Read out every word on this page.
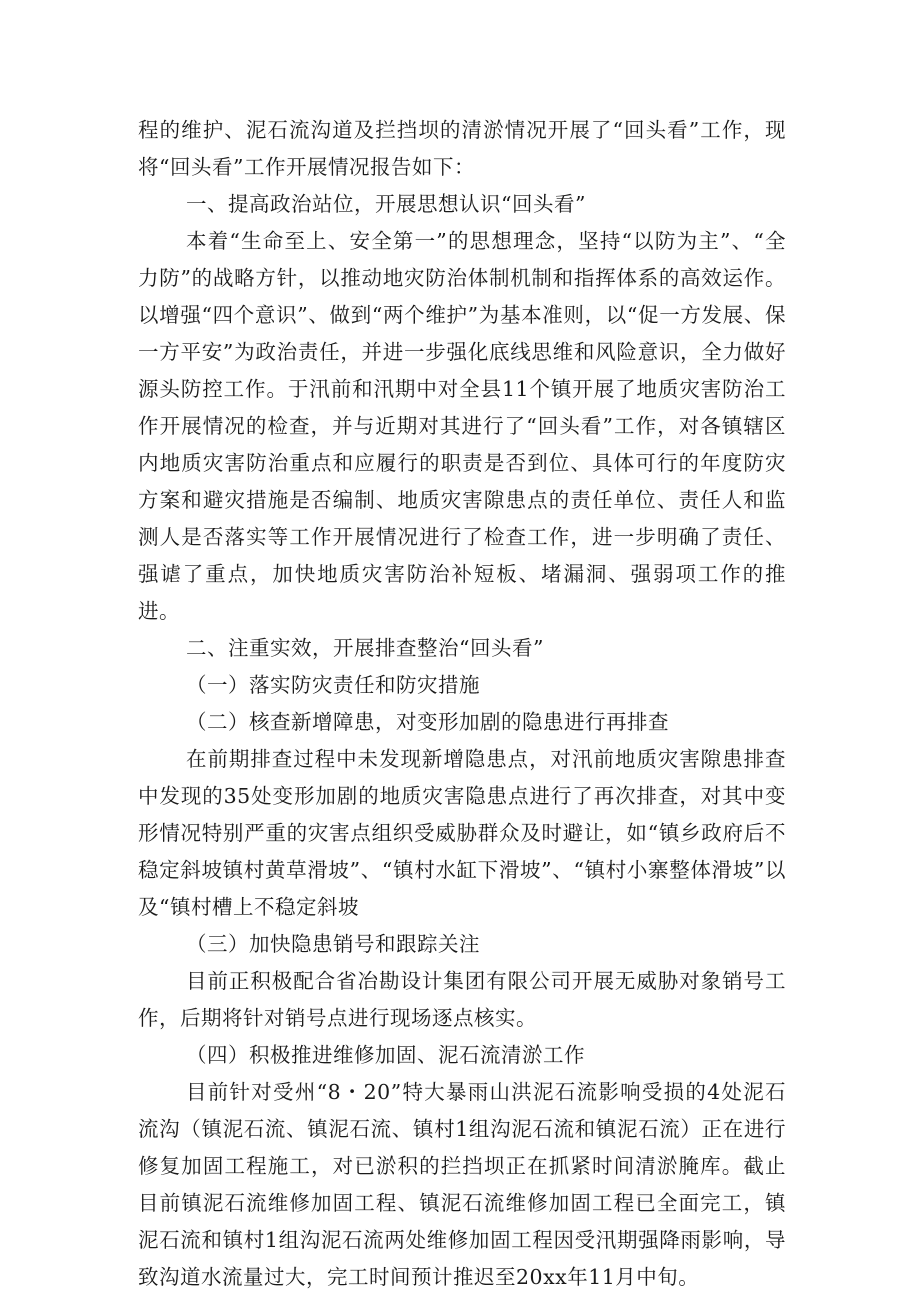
程的维护、泥石流沟道及拦挡坝的清淤情况开展了“回头看”工作，现将“回头看”工作开展情况报告如下：

一、提高政治站位，开展思想认识“回头看”

本着“生命至上、安全第一”的思想理念，坚持“以防为主”、“全力防”的战略方针，以推动地灾防治体制机制和指挥体系的高效运作。以增强“四个意识”、做到“两个维护”为基本准则，以“促一方发展、保一方平安”为政治责任，并进一步强化底线思维和风险意识，全力做好源头防控工作。于汛前和汛期中对全县11个镇开展了地质灾害防治工作开展情况的检查，并与近期对其进行了“回头看”工作，对各镇辖区内地质灾害防治重点和应履行的职责是否到位、具体可行的年度防灾方案和避灾措施是否编制、地质灾害隙患点的责任单位、责任人和监测人是否落实等工作开展情况进行了检查工作，进一步明确了责任、强谑了重点，加快地质灾害防治补短板、堵漏洞、强弱项工作的推进。

二、注重实效，开展排查整治“回头看”

（一）落实防灾责任和防灾措施

（二）核查新增障患，对变形加剧的隐患进行再排查

在前期排查过程中未发现新增隐患点，对汛前地质灾害隙患排查中发现的35处变形加剧的地质灾害隐患点进行了再次排查，对其中变形情况特别严重的灾害点组织受威胁群众及时避让，如“镇乡政府后不稳定斜坡镇村黄草滑坡”、“镇村水缸下滑坡”、“镇村小寨整体滑坡”以及“镇村槽上不稳定斜坡

（三）加快隐患销号和跟踪关注

目前正积极配合省冶勘设计集团有限公司开展无威胁对象销号工作，后期将针对销号点进行现场逐点核实。

（四）积极推进维修加固、泥石流清淤工作

目前针对受州“8・20”特大暴雨山洪泥石流影响受损的4处泥石流沟（镇泥石流、镇泥石流、镇村1组沟泥石流和镇泥石流）正在进行修复加固工程施工，对已淤积的拦挡坝正在抓紧时间清淤腌库。截止目前镇泥石流维修加固工程、镇泥石流维修加固工程已全面完工，镇泥石流和镇村1组沟泥石流两处维修加固工程因受汛期强降雨影响，导致沟道水流量过大，完工时间预计推迟至20xx年11月中旬。
